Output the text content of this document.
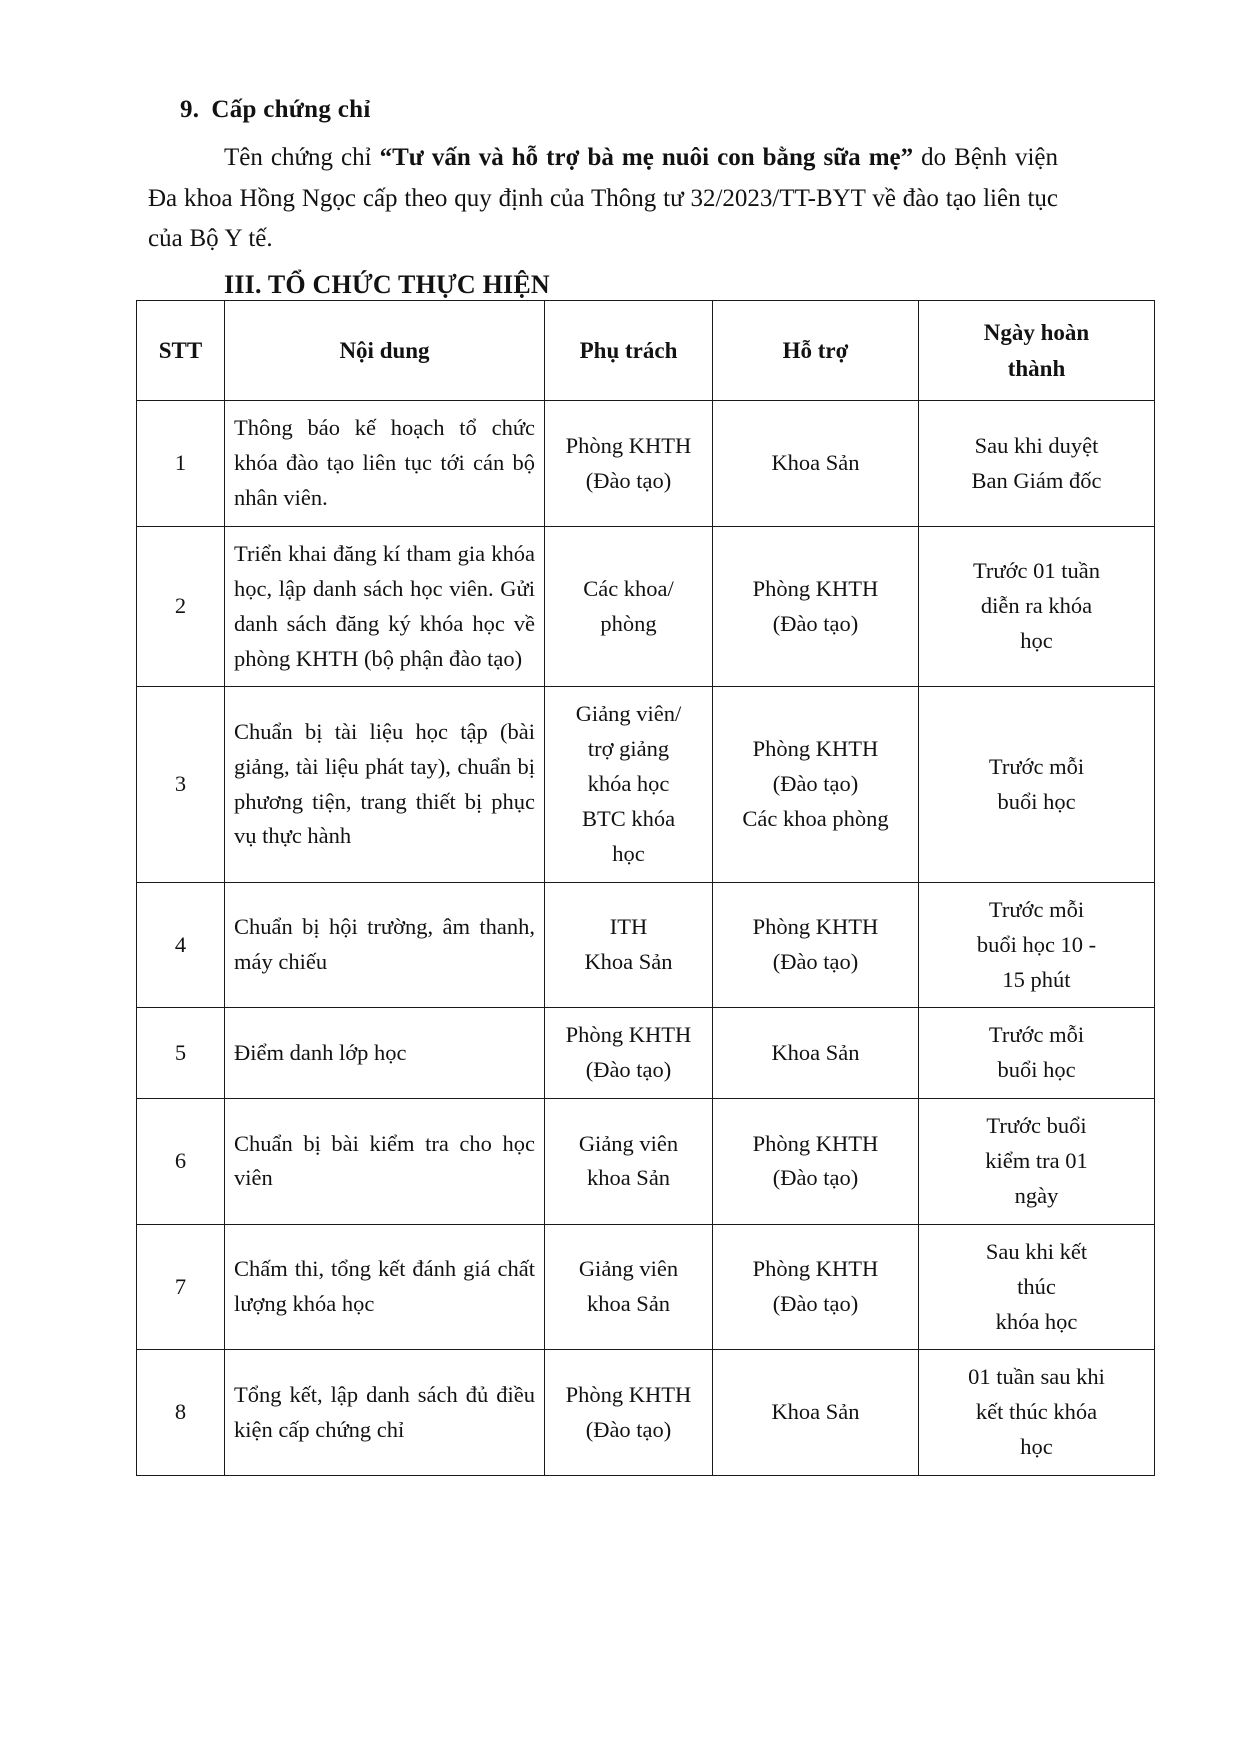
9. Cấp chứng chỉ

Tên chứng chỉ “Tư vấn và hỗ trợ bà mẹ nuôi con bằng sữa mẹ” do Bệnh viện Đa khoa Hồng Ngọc cấp theo quy định của Thông tư 32/2023/TT-BYT về đào tạo liên tục của Bộ Y tế.

III. TỔ CHỨC THỰC HIỆN
STT	Nội dung	Phụ trách	Hỗ trợ	Ngày hoàn
thành

1	Thông báo kế hoạch tổ chức khóa đào tạo liên tục tới cán bộ nhân viên.	Phòng KHTH
(Đào tạo)	Khoa Sản	Sau khi duyệt
Ban Giám đốc

2	Triển khai đăng kí tham gia khóa học, lập danh sách học viên. Gửi danh sách đăng ký khóa học về phòng KHTH (bộ phận đào tạo)	Các khoa/
phòng	Phòng KHTH
(Đào tạo)	Trước 01 tuần
diễn ra khóa
học

3	Chuẩn bị tài liệu học tập (bài giảng, tài liệu phát tay), chuẩn bị phương tiện, trang thiết bị phục vụ thực hành	Giảng viên/
trợ giảng
khóa học
BTC khóa
học	Phòng KHTH
(Đào tạo)
Các khoa phòng	Trước mỗi
buổi học

4	Chuẩn bị hội trường, âm thanh, máy chiếu	ITH
Khoa Sản	Phòng KHTH
(Đào tạo)	Trước mỗi
buổi học 10 -
15 phút

5	Điểm danh lớp học	Phòng KHTH
(Đào tạo)	Khoa Sản	Trước mỗi
buổi học

6	Chuẩn bị bài kiểm tra cho học viên	Giảng viên
khoa Sản	Phòng KHTH
(Đào tạo)	Trước buổi
kiểm tra 01
ngày

7	Chấm thi, tổng kết đánh giá chất lượng khóa học	Giảng viên
khoa Sản	Phòng KHTH
(Đào tạo)	Sau khi kết
thúc
khóa học

8	Tổng kết, lập danh sách đủ điều kiện cấp chứng chỉ	Phòng KHTH
(Đào tạo)	Khoa Sản	01 tuần sau khi
kết thúc khóa
học
